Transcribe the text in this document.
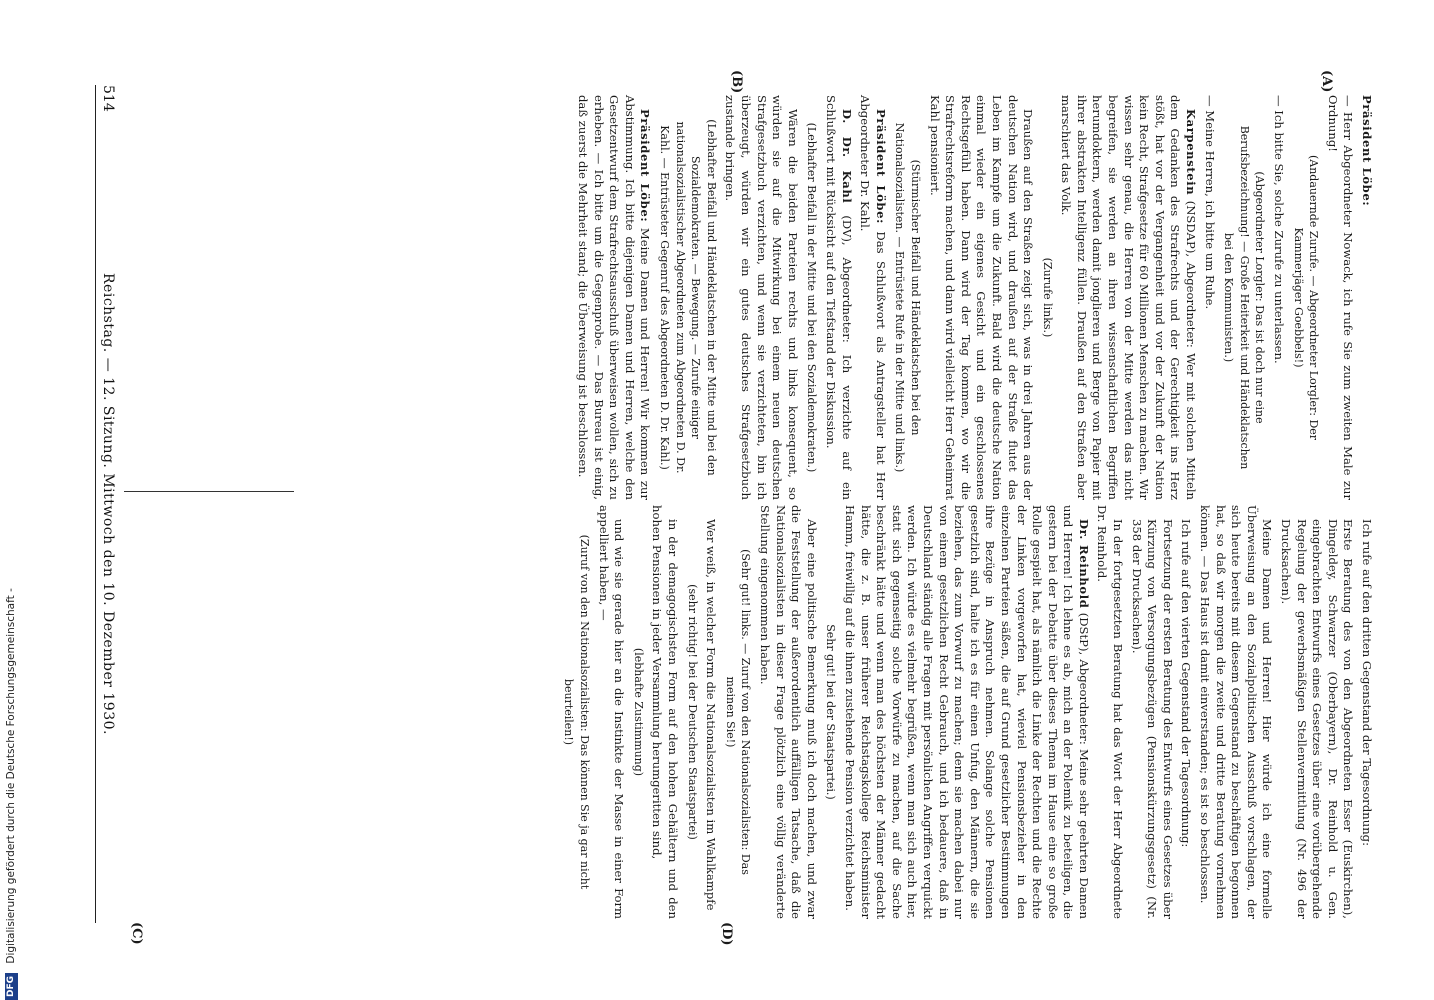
514
Reichstag. — 12. Sitzung. Mittwoch den 10. Dezember 1930.
(A)
(B)
(C)	(D)

Präsident Löbe:

— Herr Abgeordneter Nowack, ich rufe Sie zum zweiten Male zur Ordnung!

(Andauernde Zurufe. — Abgeordneter Lorgler: Der Kammerjäger Goebbels!)

— Ich bitte Sie, solche Zurufe zu unterlassen.

(Abgeordneter Lorgler: Das ist doch nur eine Berufsbezeichnung! — Große Heiterkeit und Händeklatschen bei den Kommunisten.)

— Meine Herren, ich bitte um Ruhe.

Karpenstein (NSDAP), Abgeordneter: Wer mit solchen Mitteln dem Gedanken des Strafrechts und der Gerechtigkeit ins Herz stößt, hat vor der Vergangenheit und vor der Zukunft der Nation kein Recht, Strafgesetze für 60 Millionen Menschen zu machen. Wir wissen sehr genau, die Herren von der Mitte werden das nicht begreifen, sie werden an ihren wissenschaftlichen Begriffen herumdoktern, werden damit jonglieren und Berge von Papier mit ihrer abstrakten Intelligenz füllen. Draußen auf den Straßen aber marschiert das Volk.

(Zurufe links.)

Draußen auf den Straßen zeigt sich, was in drei Jahren aus der deutschen Nation wird, und draußen auf der Straße flutet das Leben im Kampfe um die Zukunft. Bald wird die deutsche Nation einmal wieder ein eigenes Gesicht und ein geschlossenes Rechtsgefühl haben. Dann wird der Tag kommen, wo wir die Strafrechtsreform machen, und dann wird vielleicht Herr Geheimrat Kahl pensioniert.

(Stürmischer Beifall und Händeklatschen bei den Nationalsozialisten. — Entrüstete Rufe in der Mitte und links.)

Präsident Löbe: Das Schlußwort als Antragsteller hat Herr Abgeordneter Dr. Kahl.

D. Dr. Kahl (DV), Abgeordneter: Ich verzichte auf ein Schlußwort mit Rücksicht auf den Tiefstand der Diskussion.

(Lebhafter Beifall in der Mitte und bei den Sozialdemokraten.)

Wären die beiden Parteien rechts und links konsequent, so würden sie auf die Mitwirkung bei einem neuen deutschen Strafgesetzbuch verzichten, und wenn sie verzichteten, bin ich überzeugt, würden wir ein gutes deutsches Strafgesetzbuch zustande bringen.

(Lebhafter Beifall und Händeklatschen in der Mitte und bei den Sozialdemokraten. — Bewegung. — Zurufe einiger nationalsozialistischer Abgeordneten zum Abgeordneten D. Dr. Kahl. — Entrüsteter Gegenruf des Abgeordneten D. Dr. Kahl.)

Präsident Löbe: Meine Damen und Herren! Wir kommen zur Abstimmung. Ich bitte diejenigen Damen und Herren, welche den Gesetzentwurf dem Strafrechtsausschuß überweisen wollen, sich zu erheben. — Ich bitte um die Gegenprobe. — Das Bureau ist einig, daß zuerst die Mehrheit stand; die Überweisung ist beschlossen.

Ich rufe auf den dritten Gegenstand der Tagesordnung:

Erste Beratung des von den Abgeordneten Esser (Euskirchen), Dingeldey, Schwarzer (Oberbayern), Dr. Reinhold u. Gen. eingebrachten Entwurfs eines Gesetzes über eine vorübergehende Regelung der gewerbsmäßigen Stellenvermittlung (Nr. 496 der Drucksachen).

Meine Damen und Herren! Hier würde ich eine formelle Überweisung an den Sozialpolitischen Ausschuß vorschlagen, der sich heute bereits mit diesem Gegenstand zu beschäftigen begonnen hat, so daß wir morgen die zweite und dritte Beratung vornehmen können. — Das Haus ist damit einverstanden; es ist so beschlossen.

Ich rufe auf den vierten Gegenstand der Tagesordnung:

Fortsetzung der ersten Beratung des Entwurfs eines Gesetzes über Kürzung von Versorgungsbezügen (Pensionskürzungsgesetz) (Nr. 358 der Drucksachen).

In der fortgesetzten Beratung hat das Wort der Herr Abgeordnete Dr. Reinhold.

Dr. Reinhold (DStP), Abgeordneter: Meine sehr geehrten Damen und Herren! Ich lehne es ab, mich an der Polemik zu beteiligen, die gestern bei der Debatte über dieses Thema im Hause eine so große Rolle gespielt hat, als nämlich die Linke der Rechten und die Rechte der Linken vorgeworfen hat, wieviel Pensionsbezieher in den einzelnen Parteien säßen, die auf Grund gesetzlicher Bestimmungen ihre Bezüge in Anspruch nehmen. Solange solche Pensionen gesetzlich sind, halte ich es für einen Unfug, den Männern, die sie beziehen, das zum Vorwurf zu machen; denn sie machen dabei nur von einem gesetzlichen Recht Gebrauch, und ich bedauere, daß in Deutschland ständig alle Fragen mit persönlichen Angriffen verquickt werden. Ich würde es vielmehr begrüßen, wenn man sich auch hier, statt sich gegenseitig solche Vorwürfe zu machen, auf die Sache beschränkt hätte und wenn man des höchsten der Männer gedacht hätte, die z. B. unser früherer Reichstagskollege Reichsminister Hamm, freiwillig auf die ihnen zustehende Pension verzichtet haben.

Sehr gut! bei der Staatspartei.)

Aber eine politische Bemerkung muß ich doch machen, und zwar die Feststellung der außerordentlich auffälligen Tatsache, daß die Nationalsozialisten in dieser Frage plötzlich eine völlig veränderte Stellung eingenommen haben.

(Sehr gut! links. — Zuruf von den Nationalsozialisten: Das meinen Sie!)

Wer weiß, in welcher Form die Nationalsozialisten im Wahlkampfe

(sehr richtig! bei der Deutschen Staatspartei)

in der demagogischsten Form auf den hohen Gehältern und den hohen Pensionen in jeder Versammlung herumgeritten sind,

(lebhafte Zustimmung)

und wie sie gerade hier an die Instinkte der Masse in einer Form appelliert haben, —

(Zuruf von den Nationalsozialisten: Das können Sie ja gar nicht beurteilen!)

DFG Digitalisierung gefördert durch die Deutsche Forschungsgemeinschaft -
